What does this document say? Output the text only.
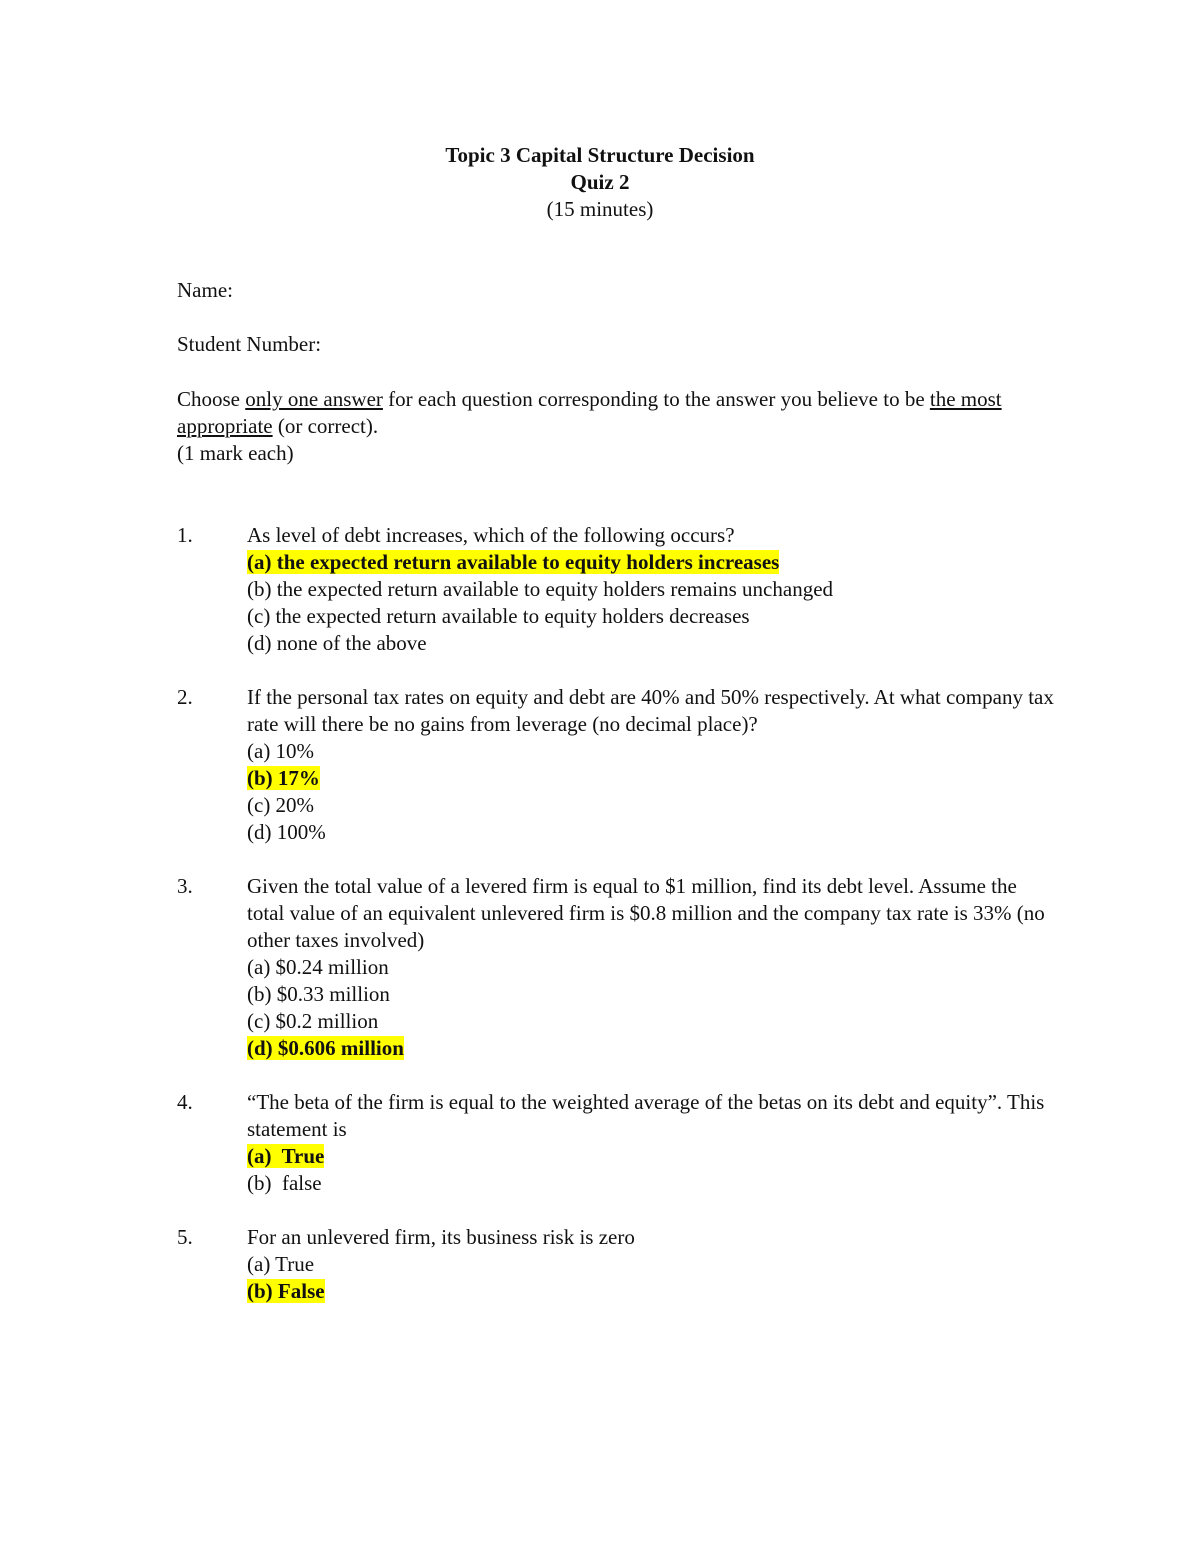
Topic 3 Capital Structure Decision
Quiz 2
(15 minutes)
Name:
Student Number:
Choose only one answer for each question corresponding to the answer you believe to be the most appropriate (or correct).
(1 mark each)
1.	As level of debt increases, which of the following occurs?
(a) the expected return available to equity holders increases
(b) the expected return available to equity holders remains unchanged
(c) the expected return available to equity holders decreases
(d) none of the above
2.	If the personal tax rates on equity and debt are 40% and 50% respectively. At what company tax rate will there be no gains from leverage (no decimal place)?
(a) 10%
(b) 17%
(c) 20%
(d) 100%
3.	Given the total value of a levered firm is equal to $1 million, find its debt level. Assume the total value of an equivalent unlevered firm is $0.8 million and the company tax rate is 33% (no other taxes involved)
(a) $0.24 million
(b) $0.33 million
(c) $0.2 million
(d) $0.606 million
4.	“The beta of the firm is equal to the weighted average of the betas on its debt and equity”. This statement is
(a)  True
(b)  false
5.	For an unlevered firm, its business risk is zero
(a) True
(b) False
